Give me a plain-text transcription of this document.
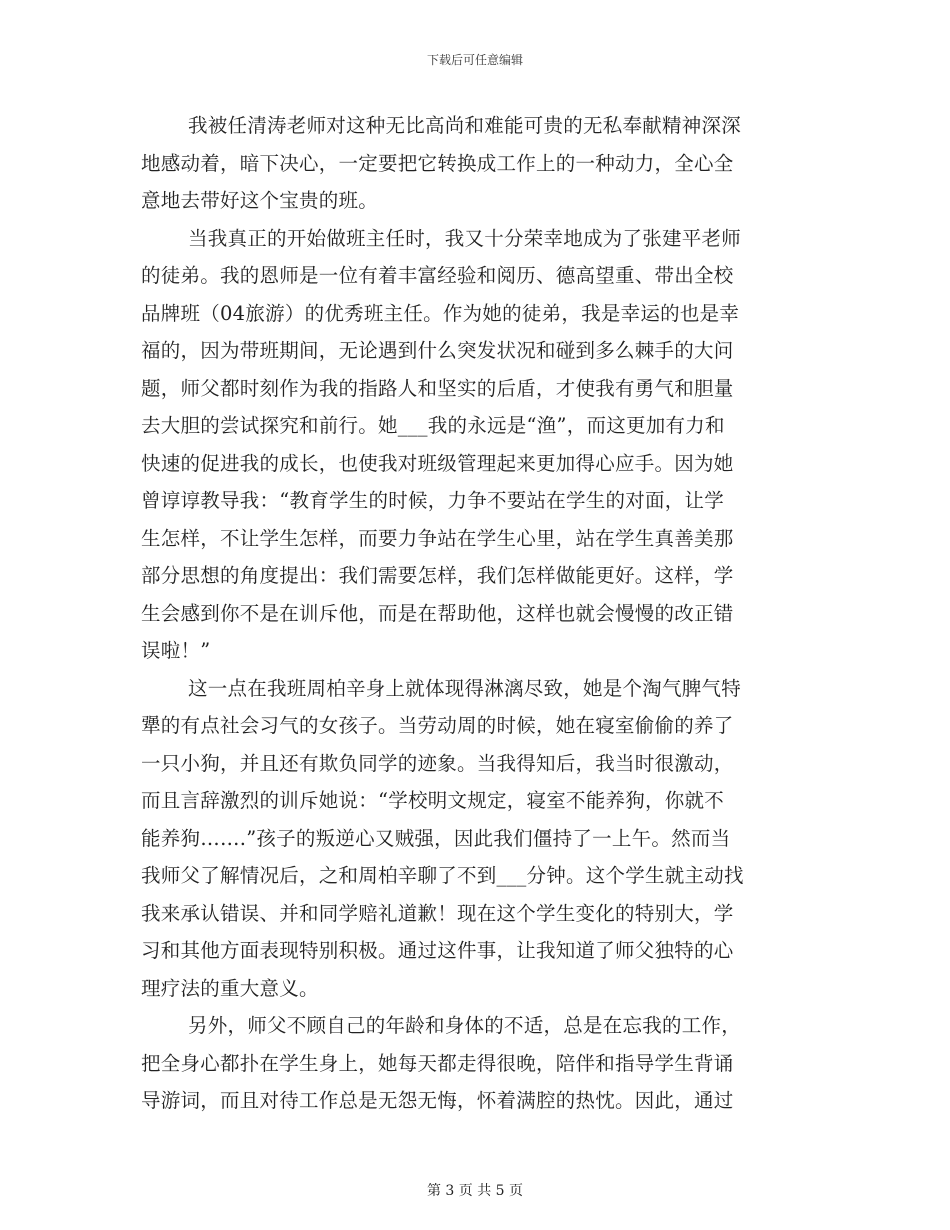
下载后可任意编辑
我被任清涛老师对这种无比高尚和难能可贵的无私奉献精神深深
地感动着，暗下决心，一定要把它转换成工作上的一种动力，全心全
意地去带好这个宝贵的班。
当我真正的开始做班主任时，我又十分荣幸地成为了张建平老师
的徒弟。我的恩师是一位有着丰富经验和阅历、德高望重、带出全校
品牌班（04旅游）的优秀班主任。作为她的徒弟，我是幸运的也是幸
福的，因为带班期间，无论遇到什么突发状况和碰到多么棘手的大问
题，师父都时刻作为我的指路人和坚实的后盾，才使我有勇气和胆量
去大胆的尝试探究和前行。她___我的永远是“渔”，而这更加有力和
快速的促进我的成长，也使我对班级管理起来更加得心应手。因为她
曾谆谆教导我：“教育学生的时候，力争不要站在学生的对面，让学
生怎样，不让学生怎样，而要力争站在学生心里，站在学生真善美那
部分思想的角度提出：我们需要怎样，我们怎样做能更好。这样，学
生会感到你不是在训斥他，而是在帮助他，这样也就会慢慢的改正错
误啦！”
这一点在我班周柏辛身上就体现得淋漓尽致，她是个淘气脾气特
犟的有点社会习气的女孩子。当劳动周的时候，她在寝室偷偷的养了
一只小狗，并且还有欺负同学的迹象。当我得知后，我当时很激动，
而且言辞激烈的训斥她说：“学校明文规定，寝室不能养狗，你就不
能养狗…….”孩子的叛逆心又贼强，因此我们僵持了一上午。然而当
我师父了解情况后，之和周柏辛聊了不到___分钟。这个学生就主动找
我来承认错误、并和同学赔礼道歉！现在这个学生变化的特别大，学
习和其他方面表现特别积极。通过这件事，让我知道了师父独特的心
理疗法的重大意义。
另外，师父不顾自己的年龄和身体的不适，总是在忘我的工作，
把全身心都扑在学生身上，她每天都走得很晚，陪伴和指导学生背诵
导游词，而且对待工作总是无怨无悔，怀着满腔的热忱。因此，通过
第 3 页 共 5 页
